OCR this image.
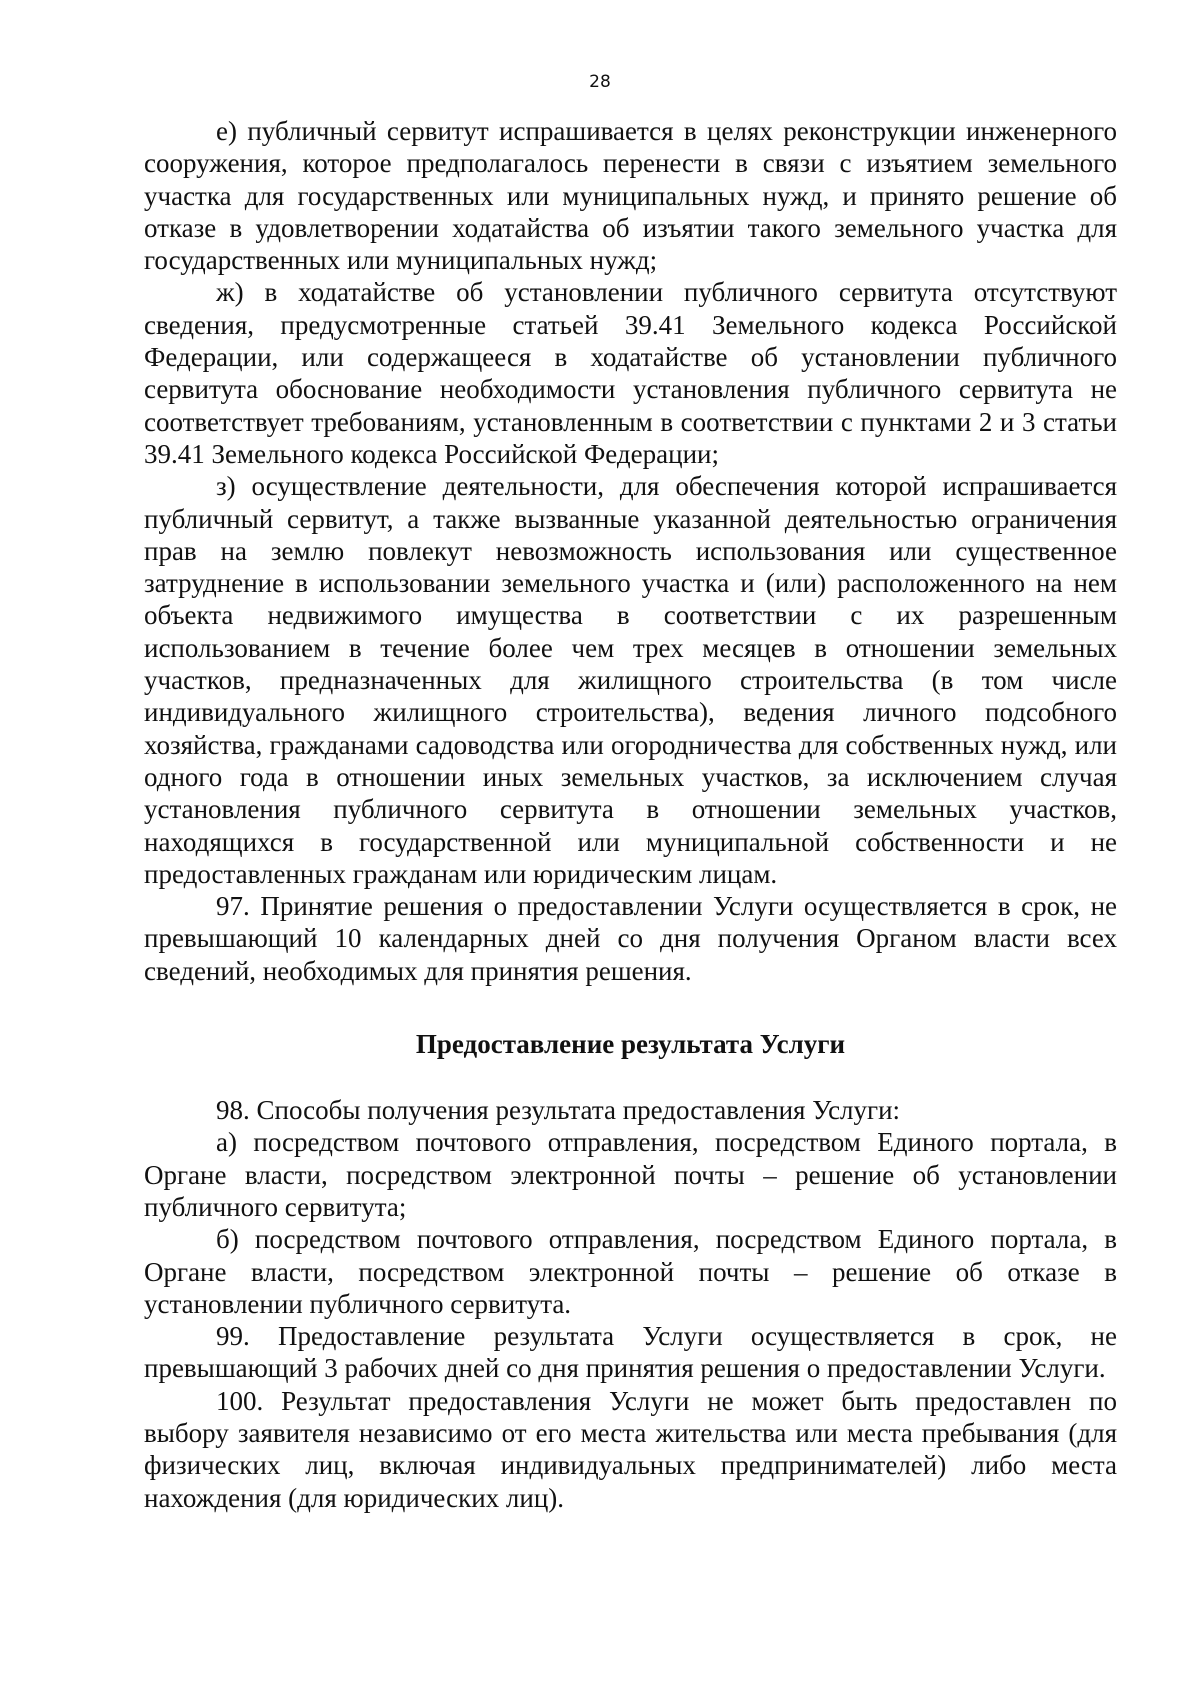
28

е) публичный сервитут испрашивается в целях реконструкции инженерного сооружения, которое предполагалось перенести в связи с изъятием земельного участка для государственных или муниципальных нужд, и принято решение об отказе в удовлетворении ходатайства об изъятии такого земельного участка для государственных или муниципальных нужд;

ж) в ходатайстве об установлении публичного сервитута отсутствуют сведения, предусмотренные статьей 39.41 Земельного кодекса Российской Федерации, или содержащееся в ходатайстве об установлении публичного сервитута обоснование необходимости установления публичного сервитута не соответствует требованиям, установленным в соответствии с пунктами 2 и 3 статьи 39.41 Земельного кодекса Российской Федерации;

з) осуществление деятельности, для обеспечения которой испрашивается публичный сервитут, а также вызванные указанной деятельностью ограничения прав на землю повлекут невозможность использования или существенное затруднение в использовании земельного участка и (или) расположенного на нем объекта недвижимого имущества в соответствии с их разрешенным использованием в течение более чем трех месяцев в отношении земельных участков, предназначенных для жилищного строительства (в том числе индивидуального жилищного строительства), ведения личного подсобного хозяйства, гражданами садоводства или огородничества для собственных нужд, или одного года в отношении иных земельных участков, за исключением случая установления публичного сервитута в отношении земельных участков, находящихся в государственной или муниципальной собственности и не предоставленных гражданам или юридическим лицам.

97. Принятие решения о предоставлении Услуги осуществляется в срок, не превышающий 10 календарных дней со дня получения Органом власти всех сведений, необходимых для принятия решения.

Предоставление результата Услуги

98. Способы получения результата предоставления Услуги:

а) посредством почтового отправления, посредством Единого портала, в Органе власти, посредством электронной почты – решение об установлении публичного сервитута;

б) посредством почтового отправления, посредством Единого портала, в Органе власти, посредством электронной почты – решение об отказе в установлении публичного сервитута.

99. Предоставление результата Услуги осуществляется в срок, не превышающий 3 рабочих дней со дня принятия решения о предоставлении Услуги.

100. Результат предоставления Услуги не может быть предоставлен по выбору заявителя независимо от его места жительства или места пребывания (для физических лиц, включая индивидуальных предпринимателей) либо места нахождения (для юридических лиц).
